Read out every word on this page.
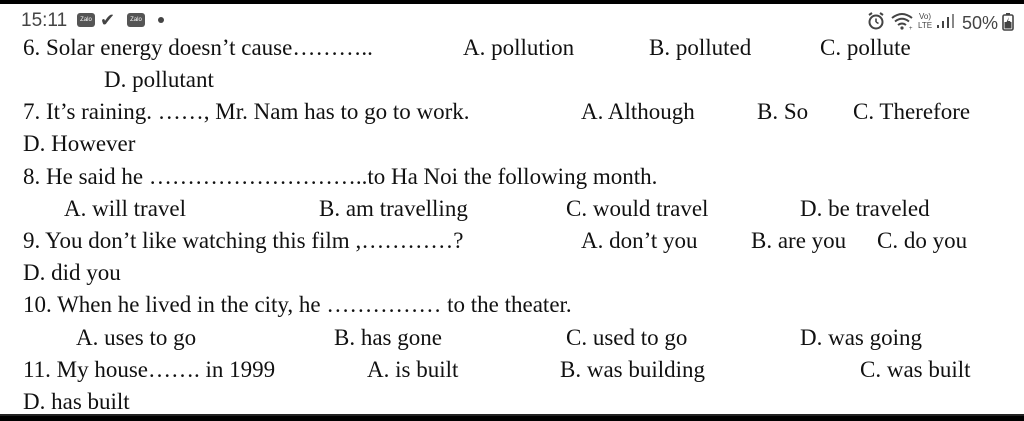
15:11	Zalo ✔	Zalo
+
Vo)
LTE 50%
6. Solar energy doesn’t cause………..	A. pollution	B. polluted	C. pollute
D. pollutant
7. It’s raining. ……, Mr. Nam has to go to work.	A. Although	B. So C. Therefore
D. However
8. He said he ………………………..to Ha Noi the following month.
A. will travel	B. am travelling	C. would travel	D. be traveled
9. You don’t like watching this film ,…………?	A. don’t you B. are you C. do you
D. did you
10. When he lived in the city, he …………… to the theater.
A. uses to go	B. has gone	C. used to go	D. was going
11. My house……. in 1999	A. is built	B. was building	C. was built
D. has built
